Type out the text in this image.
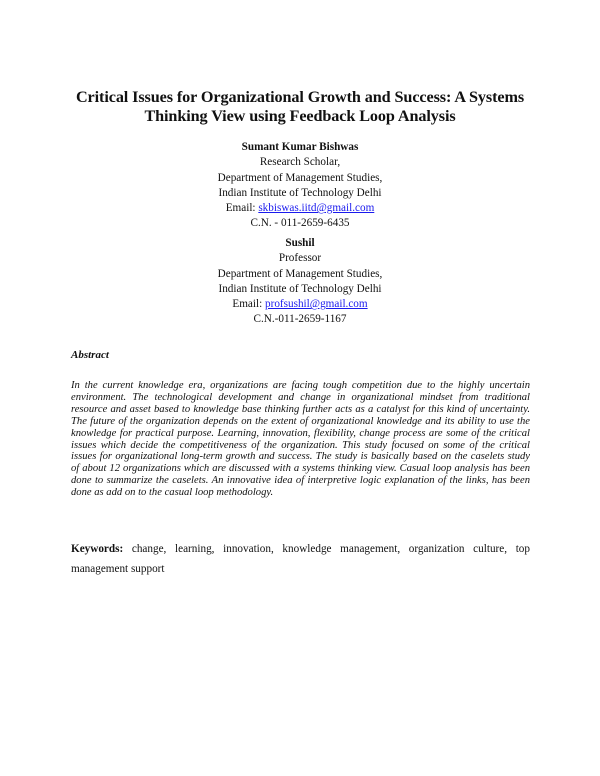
Critical Issues for Organizational Growth and Success: A Systems Thinking View using Feedback Loop Analysis
Sumant Kumar Bishwas
Research Scholar,
Department of Management Studies,
Indian Institute of Technology Delhi
Email: skbiswas.iitd@gmail.com
C.N. - 011-2659-6435
Sushil
Professor
Department of Management Studies,
Indian Institute of Technology Delhi
Email: profsushil@gmail.com
C.N.-011-2659-1167
Abstract
In the current knowledge era, organizations are facing tough competition due to the highly uncertain environment. The technological development and change in organizational mindset from traditional resource and asset based to knowledge base thinking further acts as a catalyst for this kind of uncertainty. The future of the organization depends on the extent of organizational knowledge and its ability to use the knowledge for practical purpose. Learning, innovation, flexibility, change process are some of the critical issues which decide the competitiveness of the organization. This study focused on some of the critical issues for organizational long-term growth and success. The study is basically based on the caselets study of about 12 organizations which are discussed with a systems thinking view. Casual loop analysis has been done to summarize the caselets. An innovative idea of interpretive logic explanation of the links, has been done as add on to the casual loop methodology.
Keywords: change, learning, innovation, knowledge management, organization culture, top management support
